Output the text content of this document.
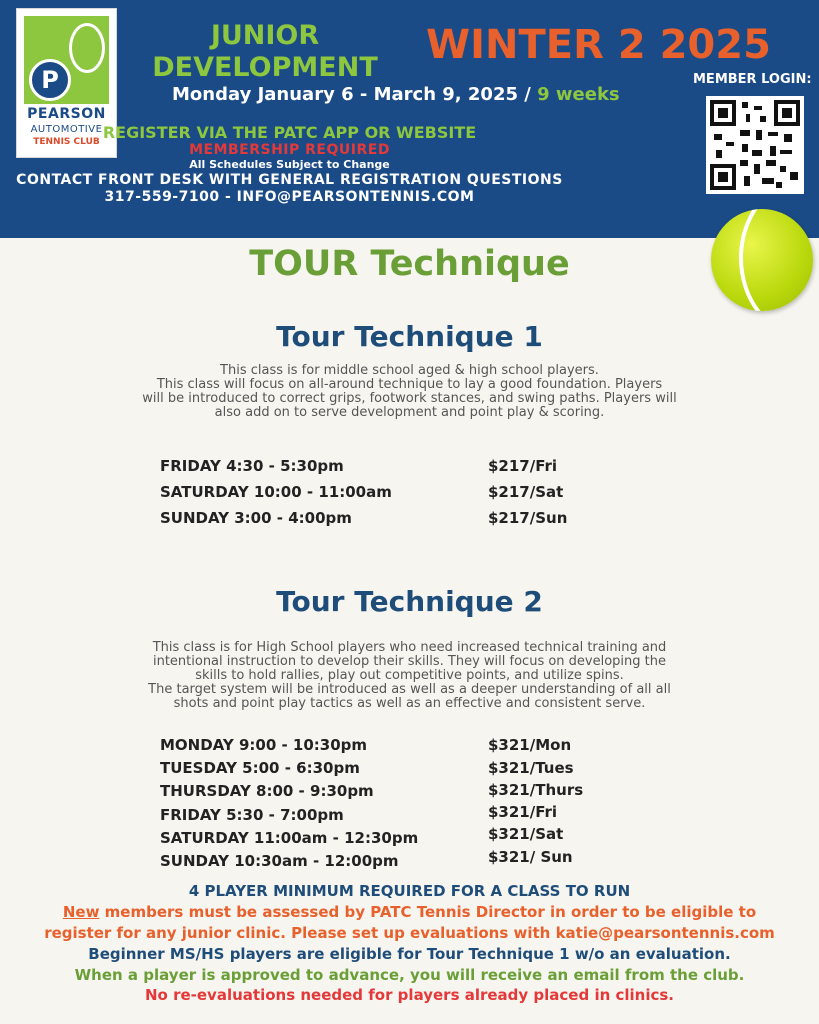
P
PEARSON
AUTOMOTIVE
TENNIS CLUB
JUNIOR
DEVELOPMENT
Monday January 6 - March 9, 2025 / 9 weeks
WINTER 2 2025
MEMBER LOGIN:
REGISTER VIA THE PATC APP OR WEBSITE
MEMBERSHIP REQUIRED
All Schedules Subject to Change
CONTACT FRONT DESK WITH GENERAL REGISTRATION QUESTIONS
317-559-7100 - INFO@PEARSONTENNIS.COM
TOUR Technique
Tour Technique 1
This class is for middle school aged & high school players.
This class will focus on all-around technique to lay a good foundation. Players
will be introduced to correct grips, footwork stances, and swing paths. Players will
also add on to serve development and point play & scoring.
FRIDAY 4:30 - 5:30pm	$217/Fri
SATURDAY 10:00 - 11:00am	$217/Sat
SUNDAY 3:00 - 4:00pm	$217/Sun
Tour Technique 2
This class is for High School players who need increased technical training and
intentional instruction to develop their skills. They will focus on developing the
skills to hold rallies, play out competitive points, and utilize spins.
The target system will be introduced as well as a deeper understanding of all all
shots and point play tactics as well as an effective and consistent serve.
MONDAY 9:00 - 10:30pm	$321/Mon
TUESDAY 5:00 - 6:30pm	$321/Tues
THURSDAY 8:00 - 9:30pm	$321/Thurs
FRIDAY 5:30 - 7:00pm	$321/Fri
SATURDAY 11:00am - 12:30pm	$321/Sat
SUNDAY 10:30am - 12:00pm	$321/ Sun
4 PLAYER MINIMUM REQUIRED FOR A CLASS TO RUN
New members must be assessed by PATC Tennis Director in order to be eligible to
register for any junior clinic. Please set up evaluations with katie@pearsontennis.com
Beginner MS/HS players are eligible for Tour Technique 1 w/o an evaluation.
When a player is approved to advance, you will receive an email from the club.
No re-evaluations needed for players already placed in clinics.
